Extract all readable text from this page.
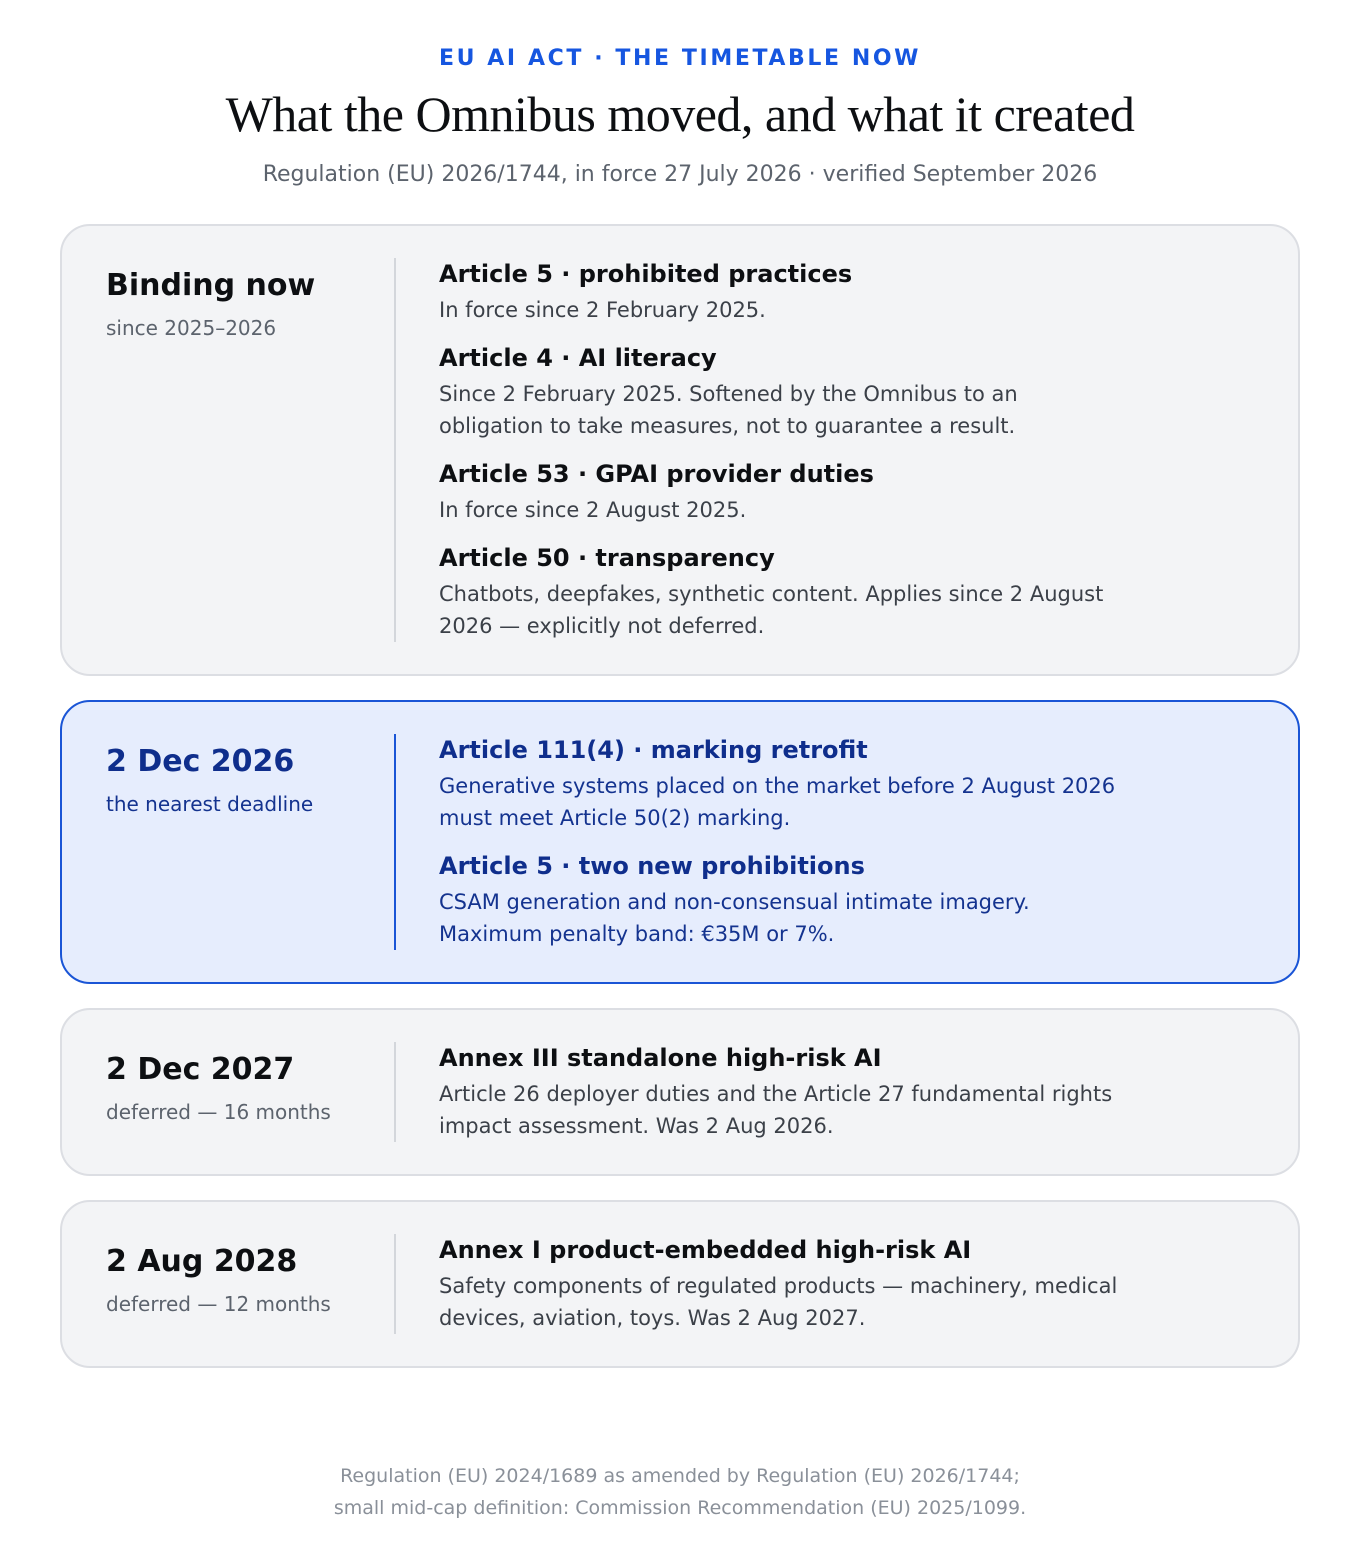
EU AI ACT · THE TIMETABLE NOW

What the Omnibus moved, and what it created

Regulation (EU) 2026/1744, in force 27 July 2026 · verified September 2026

Binding now

since 2025–2026

Article 5 · prohibited practices

In force since 2 February 2025.

Article 4 · AI literacy

Since 2 February 2025. Softened by the Omnibus to an obligation to take measures, not to guarantee a result.

Article 53 · GPAI provider duties

In force since 2 August 2025.

Article 50 · transparency

Chatbots, deepfakes, synthetic content. Applies since 2 August 2026 — explicitly not deferred.

2 Dec 2026

the nearest deadline

Article 111(4) · marking retrofit

Generative systems placed on the market before 2 August 2026 must meet Article 50(2) marking.

Article 5 · two new prohibitions

CSAM generation and non-consensual intimate imagery. Maximum penalty band: €35M or 7%.

2 Dec 2027

deferred — 16 months

Annex III standalone high-risk AI

Article 26 deployer duties and the Article 27 fundamental rights impact assessment. Was 2 Aug 2026.

2 Aug 2028

deferred — 12 months

Annex I product-embedded high-risk AI

Safety components of regulated products — machinery, medical devices, aviation, toys. Was 2 Aug 2027.

Regulation (EU) 2024/1689 as amended by Regulation (EU) 2026/1744;

small mid-cap definition: Commission Recommendation (EU) 2025/1099.
